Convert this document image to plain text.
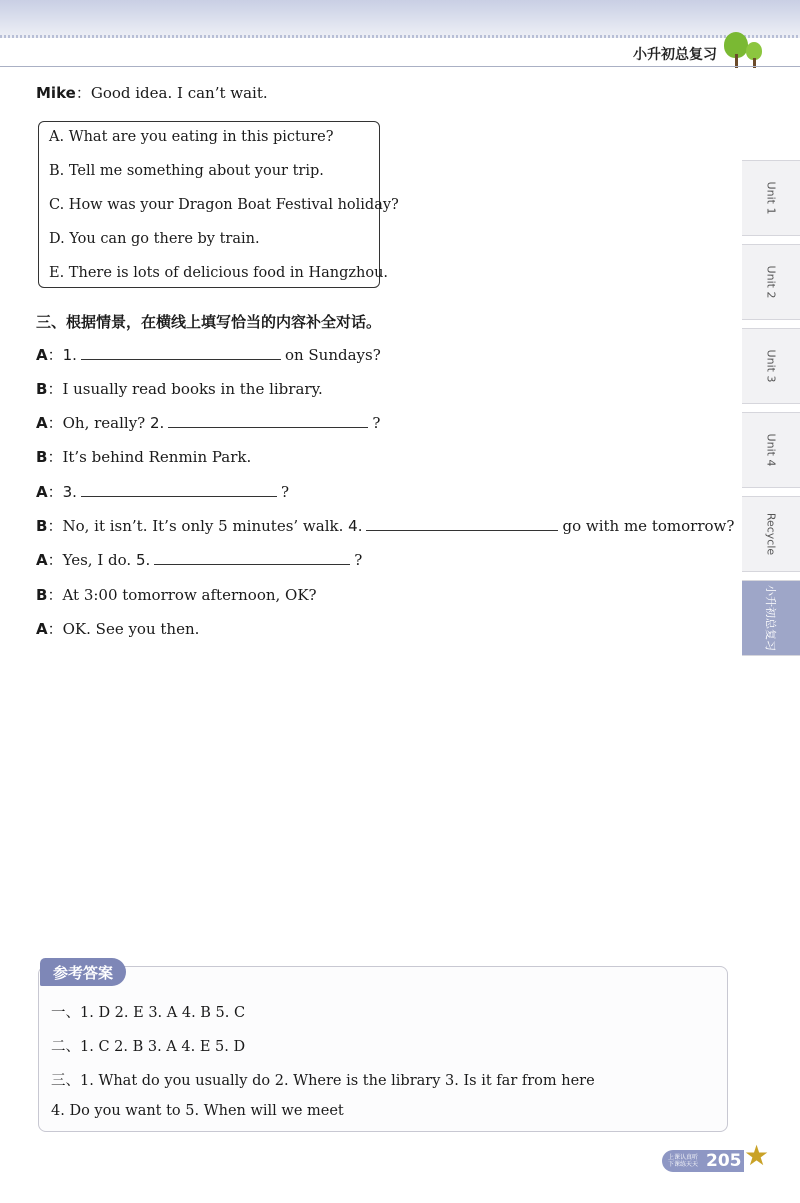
小升初总复习
Mike：Good idea. I can’t wait.
A. What are you eating in this picture?
B. Tell me something about your trip.
C. How was your Dragon Boat Festival holiday?
D. You can go there by train.
E. There is lots of delicious food in Hangzhou.
三、根据情景，在横线上填写恰当的内容补全对话。
A：1.	on Sundays?
B：I usually read books in the library.
A：Oh, really? 2.	?
B：It’s behind Renmin Park.
A：3.	?
B：No, it isn’t. It’s only 5 minutes’ walk. 4.	go with me tomorrow?
A：Yes, I do. 5.	?
B：At 3:00 tomorrow afternoon, OK?
A：OK. See you then.
Unit 1
Unit 2
Unit 3
Unit 4
Recycle
小升初总复习
一、1. D 2. E 3. A 4. B 5. C
二、1. C 2. B 3. A 4. E 5. D
三、1. What do you usually do 2. Where is the library 3. Is it far from here
4. Do you want to 5. When will we meet
参考答案
上课认真听
下课练天天 205 ★
